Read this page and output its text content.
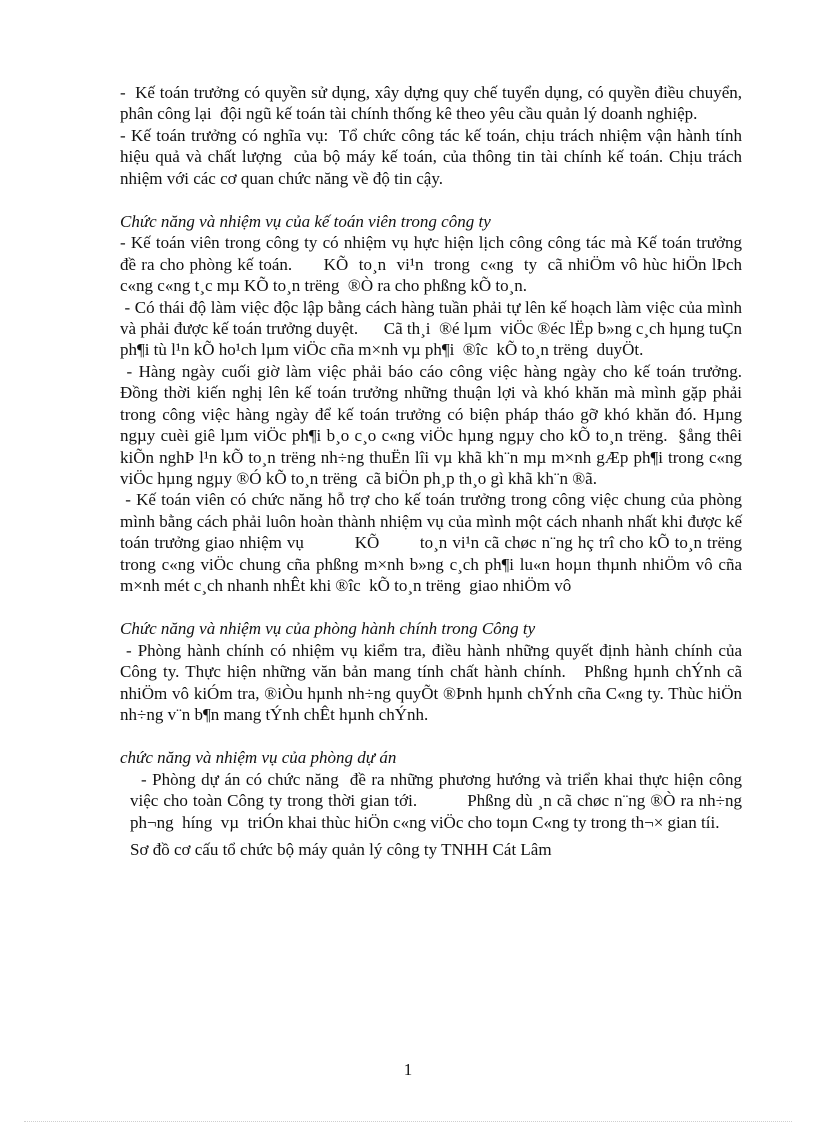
-  Kế toán trưởng có quyền sử dụng, xây dựng quy chế tuyển dụng, có quyền điều chuyển, phân công lại  đội ngũ kế toán tài chính thống kê theo yêu cầu quản lý doanh nghiệp.

- Kế toán trưởng có nghĩa vụ:  Tổ chức công tác kế toán, chịu trách nhiệm vận hành tính hiệu quả và chất lượng  của bộ máy kế toán, của thông tin tài chính kế toán. Chịu trách nhiệm với các cơ quan chức năng về độ tin cậy.

Chức năng và nhiệm vụ của kế toán viên trong công ty

- Kế toán viên trong công ty có nhiệm vụ hực hiện lịch công công tác mà Kế toán trưởng đề ra cho phòng kế toán.      KÕ  to¸n  vi¹n  trong  c«ng  ty  cã nhiÖm vô hùc hiÖn lÞch c«ng c«ng t¸c mµ KÕ to¸n trëng  ®Ò ra cho phßng kÕ to¸n.

- Có thái độ làm việc độc lập bằng cách hàng tuần phải tự lên kế hoạch làm việc của mình và phải được kế toán trưởng duyệt.      Cã th¸i  ®é lµm  viÖc ®éc lËp b»ng c¸ch hµng tuÇn ph¶i tù l¹n kÕ ho¹ch lµm viÖc cña m×nh vµ ph¶i  ®îc  kÕ to¸n trëng  duyÖt.

- Hàng ngày cuối giờ làm việc phải báo cáo công việc hàng ngày cho kế toán trưởng. Đồng thời kiến nghị lên kế toán trưởng những thuận lợi và khó khăn mà mình gặp phải trong công việc hàng ngày để kế toán trưởng có biện pháp tháo gỡ khó khăn đó. Hµng ngµy cuèi giê lµm viÖc ph¶i b¸o c¸o c«ng viÖc hµng ngµy cho kÕ to¸n trëng.  §ång thêi kiÕn nghÞ l¹n kÕ to¸n trëng nh÷ng thuËn lîi vµ khã kh¨n mµ m×nh gÆp ph¶i trong c«ng viÖc hµng ngµy ®Ó kÕ to¸n trëng  cã biÖn ph¸p th¸o gì khã kh¨n ®ã.

- Kế toán viên có chức năng hỗ trợ cho kế toán trưởng trong công việc chung của phòng mình bằng cách phải luôn hoàn thành nhiệm vụ của mình một cách nhanh nhất khi được kế toán trưởng giao nhiệm vụ          KÕ        to¸n vi¹n cã chøc n¨ng hç trî cho kÕ to¸n trëng   trong c«ng viÖc chung cña phßng m×nh b»ng c¸ch ph¶i lu«n hoµn thµnh nhiÖm vô cña m×nh mét c¸ch nhanh nhÊt khi ®îc  kÕ to¸n trëng  giao nhiÖm vô

Chức năng và nhiệm vụ của phòng hành chính trong Công ty

- Phòng hành chính có nhiệm vụ kiểm tra, điều hành những quyết định hành chính của Công ty. Thực hiện những văn bản mang tính chất hành chính.   Phßng hµnh chÝnh cã nhiÖm vô kiÓm tra, ®iÒu hµnh nh÷ng quyÕt ®Þnh hµnh chÝnh cña C«ng ty. Thùc hiÖn nh÷ng v¨n b¶n mang tÝnh chÊt hµnh chÝnh.

chức năng và nhiệm vụ của phòng dự án

- Phòng dự án có chức năng  đề ra những phương hướng và triển khai thực hiện công việc cho toàn Công ty trong thời gian tới.          Phßng dù ¸n cã chøc n¨ng ®Ò ra nh÷ng ph¬ng  híng  vµ  triÓn khai thùc hiÖn c«ng viÖc cho toµn C«ng ty trong th¬× gian tíi.

Sơ đồ cơ cấu tổ chức bộ máy quản lý công ty TNHH Cát Lâm

1
